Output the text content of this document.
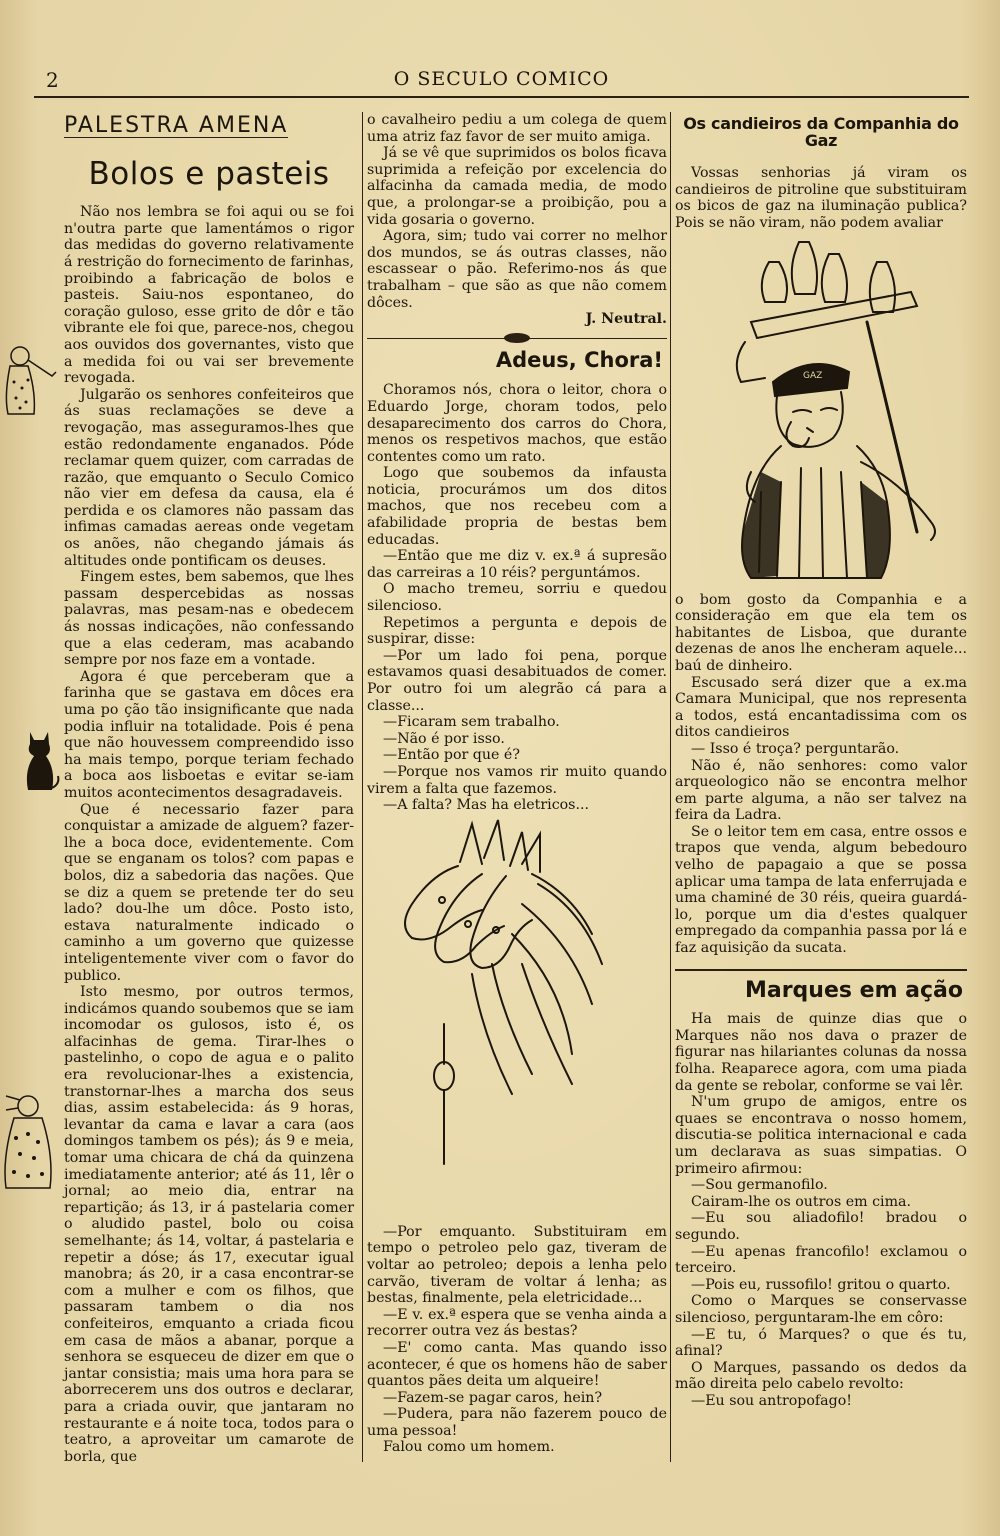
2	O SECULO COMICO
PALESTRA AMENA
Bolos e pasteis

Não nos lembra se foi aqui ou se foi n'outra parte que lamentámos o rigor das medidas do governo relativamente á restrição do fornecimento de farinhas, proibindo a fabricação de bolos e pasteis. Saiu-nos espontaneo, do coração guloso, esse grito de dôr e tão vibrante ele foi que, parece-nos, chegou aos ouvidos dos governantes, visto que a medida foi ou vai ser brevemente revogada.

Julgarão os senhores confeiteiros que ás suas reclamações se deve a revogação, mas asseguramos-lhes que estão redondamente enganados. Póde reclamar quem quizer, com carradas de razão, que emquanto o Seculo Comico não vier em defesa da causa, ela é perdida e os clamores não passam das infimas camadas aereas onde vegetam os anões, não chegando jámais ás altitudes onde pontificam os deuses.

Fingem estes, bem sabemos, que lhes passam despercebidas as nossas palavras, mas pesam-nas e obedecem ás nossas indicações, não confessando que a elas cederam, mas acabando sempre por nos faze em a vontade.

Agora é que perceberam que a farinha que se gastava em dôces era uma po ção tão insignificante que nada podia influir na totalidade. Pois é pena que não houvessem compreendido isso ha mais tempo, porque teriam fechado a boca aos lisboetas e evitar se-iam muitos acontecimentos desagradaveis.

Que é necessario fazer para conquistar a amizade de alguem? fazer-lhe a boca doce, evidentemente. Com que se enganam os tolos? com papas e bolos, diz a sabedoria das nações. Que se diz a quem se pretende ter do seu lado? dou-lhe um dôce. Posto isto, estava naturalmente indicado o caminho a um governo que quizesse inteligentemente viver com o favor do publico.

Isto mesmo, por outros termos, indicámos quando soubemos que se iam incomodar os gulosos, isto é, os alfacinhas de gema. Tirar-lhes o pastelinho, o copo de agua e o palito era revolucionar-lhes a existencia, transtornar-lhes a marcha dos seus dias, assim estabelecida: ás 9 horas, levantar da cama e lavar a cara (aos domingos tambem os pés); ás 9 e meia, tomar uma chicara de chá da quinzena imediatamente anterior; até ás 11, lêr o jornal; ao meio dia, entrar na repartição; ás 13, ir á pastelaria comer o aludido pastel, bolo ou coisa semelhante; ás 14, voltar, á pastelaria e repetir a dóse; ás 17, executar igual manobra; ás 20, ir a casa encontrar-se com a mulher e com os filhos, que passaram tambem o dia nos confeiteiros, emquanto a criada ficou em casa de mãos a abanar, porque a senhora se esqueceu de dizer em que o jantar consistia; mais uma hora para se aborrecerem uns dos outros e declarar, para a criada ouvir, que jantaram no restaurante e á noite toca, todos para o teatro, a aproveitar um camarote de borla, que

o cavalheiro pediu a um colega de quem uma atriz faz favor de ser muito amiga.

Já se vê que suprimidos os bolos ficava suprimida a refeição por excelencia do alfacinha da camada media, de modo que, a prolongar-se a proibição, pou a vida gosaria o governo.

Agora, sim; tudo vai correr no melhor dos mundos, se ás outras classes, não escassear o pão. Referimo-nos ás que trabalham – que são as que não comem dôces.

J. Neutral.

Adeus, Chora!

Choramos nós, chora o leitor, chora o Eduardo Jorge, choram todos, pelo desaparecimento dos carros do Chora, menos os respetivos machos, que estão contentes como um rato.

Logo que soubemos da infausta noticia, procurámos um dos ditos machos, que nos recebeu com a afabilidade propria de bestas bem educadas.

—Então que me diz v. ex.ª á supresão das carreiras a 10 réis? perguntámos.

O macho tremeu, sorriu e quedou silencioso.

Repetimos a pergunta e depois de suspirar, disse:

—Por um lado foi pena, porque estavamos quasi desabituados de comer. Por outro foi um alegrão cá para a classe...

—Ficaram sem trabalho.

—Não é por isso.

—Então por que é?

—Porque nos vamos rir muito quando virem a falta que fazemos.

—A falta? Mas ha eletricos...

—Por emquanto. Substituiram em tempo o petroleo pelo gaz, tiveram de voltar ao petroleo; depois a lenha pelo carvão, tiveram de voltar á lenha; as bestas, finalmente, pela eletricidade...

—E v. ex.ª espera que se venha ainda a recorrer outra vez ás bestas?

—E' como canta. Mas quando isso acontecer, é que os homens hão de saber quantos pães deita um alqueire!

—Fazem-se pagar caros, hein?

—Pudera, para não fazerem pouco de uma pessoa!

Falou como um homem.

Os candieiros da Companhia do Gaz

Vossas senhorias já viram os candieiros de pitroline que substituiram os bicos de gaz na iluminação publica? Pois se não viram, não podem avaliar

GAZ

o bom gosto da Companhia e a consideração em que ela tem os habitantes de Lisboa, que durante dezenas de anos lhe encheram aquele... baú de dinheiro.

Escusado será dizer que a ex.ma Camara Municipal, que nos representa a todos, está encantadissima com os ditos candieiros

— Isso é troça? perguntarão.

Não é, não senhores: como valor arqueologico não se encontra melhor em parte alguma, a não ser talvez na feira da Ladra.

Se o leitor tem em casa, entre ossos e trapos que venda, algum bebedouro velho de papagaio a que se possa aplicar uma tampa de lata enferrujada e uma chaminé de 30 réis, queira guardá-lo, porque um dia d'estes qualquer empregado da companhia passa por lá e faz aquisição da sucata.

Marques em ação

Ha mais de quinze dias que o Marques não nos dava o prazer de figurar nas hilariantes colunas da nossa folha. Reaparece agora, com uma piada da gente se rebolar, conforme se vai lêr.

N'um grupo de amigos, entre os quaes se encontrava o nosso homem, discutia-se politica internacional e cada um declarava as suas simpatias. O primeiro afirmou:

—Sou germanofilo.

Cairam-lhe os outros em cima.

—Eu sou aliadofilo! bradou o segundo.

—Eu apenas francofilo! exclamou o terceiro.

—Pois eu, russofilo! gritou o quarto.

Como o Marques se conservasse silencioso, perguntaram-lhe em côro:

—E tu, ó Marques? o que és tu, afinal?

O Marques, passando os dedos da mão direita pelo cabelo revolto:

—Eu sou antropofago!
